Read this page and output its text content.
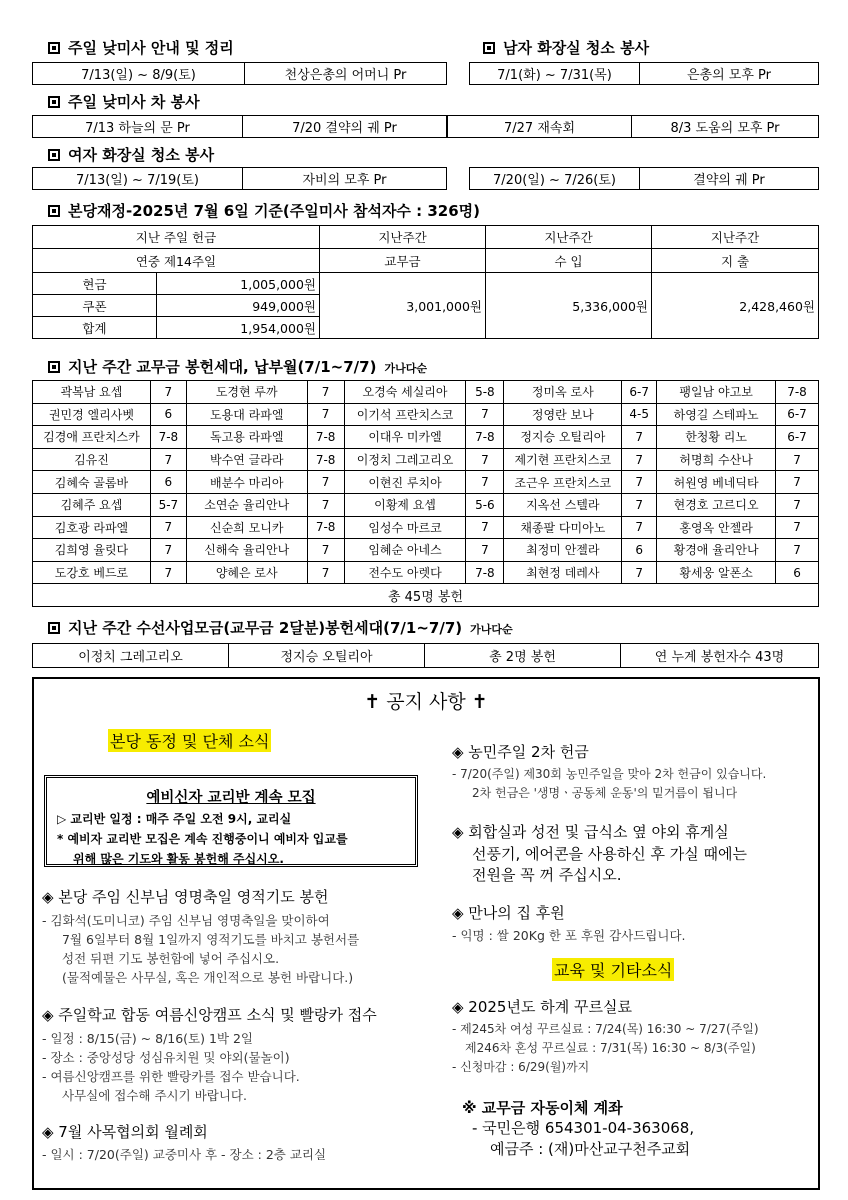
주일 낮미사 안내 및 정리
7/13(일) ~ 8/9(토)	천상은총의 어머니 Pr
남자 화장실 청소 봉사
7/1(화) ~ 7/31(목)	은총의 모후 Pr
주일 낮미사 차 봉사
7/13 하늘의 문 Pr	7/20 결약의 궤 Pr	7/27 재속회	8/3 도움의 모후 Pr
여자 화장실 청소 봉사
7/13(일) ~ 7/19(토)	자비의 모후 Pr	7/20(일) ~ 7/26(토)	결약의 궤 Pr
본당재정-2025년 7월 6일 기준(주일미사 참석자수 : 326명)
지난 주일 헌금		지난주간	지난주간	지난주간
연중 제14주일		교무금	수 입	지 출
현금	1,005,000원	3,001,000원	5,336,000원	2,428,460원
쿠폰	949,000원			
합계	1,954,000원			
지난 주간 교무금 봉헌세대, 납부월(7/1~7/7) 가나다순
곽복남 요셉	7	도경현 루까	7	오경숙 세실리아	5-8	정미옥 로사	6-7	팽일남 야고보	7-8
권민경 엘리사벳	6	도용대 라파엘	7	이기석 프란치스코	7	정영란 보나	4-5	하영길 스테파노	6-7
김경애 프란치스카	7-8	독고용 라파엘	7-8	이대우 미카엘	7-8	정지승 오틸리아	7	한청황 리노	6-7
김유진	7	박수연 글라라	7-8	이정치 그레고리오	7	제기현 프란치스코	7	허명희 수산나	7
김혜숙 골롬바	6	배분수 마리아	7	이현진 루치아	7	조근우 프란치스코	7	허원영 베네딕타	7
김혜주 요셉	5-7	소연순 율리안나	7	이황제 요셉	5-6	지옥선 스텔라	7	현경호 고르디오	7
김호광 라파엘	7	신순희 모니카	7-8	임성수 마르코	7	채종팔 다미아노	7	홍영옥 안젤라	7
김희영 율릿다	7	신해숙 율리안나	7	임혜순 아네스	7	최정미 안젤라	6	황경애 율리안나	7
도강호 베드로	7	양혜은 로사	7	전수도 아렛다	7-8	최현정 데레사	7	황세웅 알폰소	6
총 45명 봉헌									
지난 주간 수선사업모금(교무금 2달분)봉헌세대(7/1~7/7) 가나다순
이정치 그레고리오	정지승 오틸리아	총 2명 봉헌	연 누계 봉헌자수 43명
✝ 공지 사항 ✝
본당 동정 및 단체 소식
예비신자 교리반 계속 모집
▷ 교리반 일정 : 매주 주일 오전 9시, 교리실
* 예비자 교리반 모집은 계속 진행중이니 예비자 입교를
위해 많은 기도와 활동 봉헌해 주십시오.
◈ 본당 주임 신부님 영명축일 영적기도 봉헌
- 김화석(도미니코) 주임 신부님 영명축일을 맞이하여
7월 6일부터 8월 1일까지 영적기도를 바치고 봉헌서를
성전 뒤편 기도 봉헌함에 넣어 주십시오.
(물적예물은 사무실, 혹은 개인적으로 봉헌 바랍니다.)
◈ 주일학교 합동 여름신앙캠프 소식 및 빨랑카 접수
- 일정 : 8/15(금) ~ 8/16(토) 1박 2일
- 장소 : 중앙성당 성심유치원 및 야외(물놀이)
- 여름신앙캠프를 위한 빨랑카를 접수 받습니다.
사무실에 접수해 주시기 바랍니다.
◈ 7월 사목협의회 월례회
- 일시 : 7/20(주일) 교중미사 후 - 장소 : 2층 교리실
◈ 농민주일 2차 헌금
- 7/20(주일) 제30회 농민주일을 맞아 2차 헌금이 있습니다.
2차 헌금은 '생명ㆍ공동체 운동'의 밑거름이 됩니다
◈ 회합실과 성전 및 급식소 옆 야외 휴게실
선풍기, 에어콘을 사용하신 후 가실 때에는
전원을 꼭 꺼 주십시오.
◈ 만나의 집 후원
- 익명 : 쌀 20Kg 한 포 후원 감사드립니다.
교육 및 기타소식
◈ 2025년도 하계 꾸르실료
- 제245차 여성 꾸르실료 : 7/24(목) 16:30 ~ 7/27(주일)
제246차 혼성 꾸르실료 : 7/31(목) 16:30 ~ 8/3(주일)
- 신청마감 : 6/29(월)까지
※ 교무금 자동이체 계좌
- 국민은행 654301-04-363068,
예금주 : (재)마산교구천주교회
